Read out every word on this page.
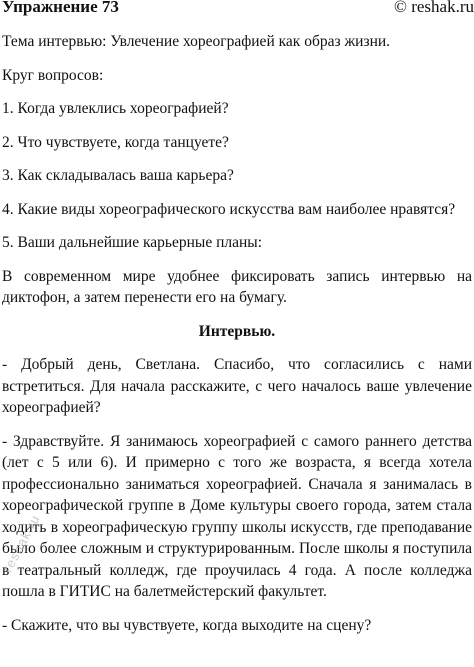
Упражнение 73	© reshak.ru

Тема интервью: Увлечение хореографией как образ жизни.

Круг вопросов:

1. Когда увлеклись хореографией?

2. Что чувствуете, когда танцуете?

3. Как складывалась ваша карьера?

4. Какие виды хореографического искусства вам наиболее нравятся?

5. Ваши дальнейшие карьерные планы:

В современном мире удобнее фиксировать запись интервью на диктофон, а затем перенести его на бумагу.

Интервью.

- Добрый день, Светлана. Спасибо, что согласились с нами встретиться. Для начала расскажите, с чего началось ваше увлечение хореографией?

- Здравствуйте. Я занимаюсь хореографией с самого раннего детства (лет с 5 или 6). И примерно с того же возраста, я всегда хотела профессионально заниматься хореографией. Сначала я занималась в хореографической группе в Доме культуры своего города, затем стала ходить в хореографическую группу школы искусств, где преподавание было более сложным и структурированным. После школы я поступила в театральный колледж, где проучилась 4 года. А после колледжа пошла в ГИТИС на балетмейстерский факультет.

- Скажите, что вы чувствуете, когда выходите на сцену?

reshak.ru
